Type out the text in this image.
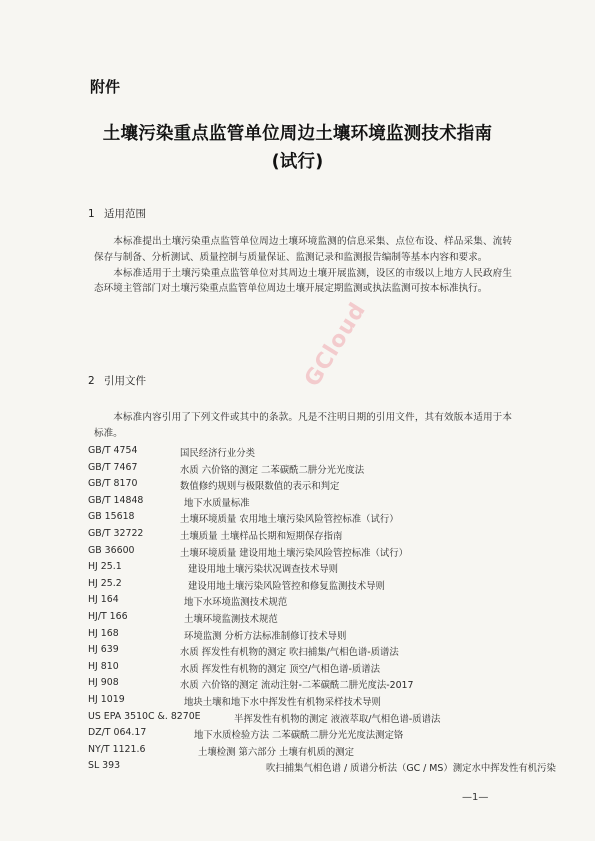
附件
土壤污染重点监管单位周边土壤环境监测技术指南
(试行)
1 适用范围

本标准提出土壤污染重点监管单位周边土壤环境监测的信息采集、点位布设、样品采集、流转保存与制备、分析测试、质量控制与质量保证、监测记录和监测报告编制等基本内容和要求。

本标准适用于土壤污染重点监管单位对其周边土壤开展监测，设区的市级以上地方人民政府生态环境主管部门对土壤污染重点监管单位周边土壤开展定期监测或执法监测可按本标准执行。

2 引用文件

本标准内容引用了下列文件或其中的条款。凡是不注明日期的引用文件，其有效版本适用于本标准。

GB/T 4754	国民经济行业分类
GB/T 7467	水质 六价铬的测定 二苯碳酰二肼分光光度法
GB/T 8170	数值修约规则与极限数值的表示和判定
GB/T 14848	地下水质量标准
GB 15618	土壤环境质量 农用地土壤污染风险管控标准（试行）
GB/T 32722	土壤质量 土壤样品长期和短期保存指南
GB 36600	土壤环境质量 建设用地土壤污染风险管控标准（试行）
HJ 25.1	建设用地土壤污染状况调查技术导则
HJ 25.2	建设用地土壤污染风险管控和修复监测技术导则
HJ 164	地下水环境监测技术规范
HJ/T 166	土壤环境监测技术规范
HJ 168	环境监测 分析方法标准制修订技术导则
HJ 639	水质 挥发性有机物的测定 吹扫捕集/气相色谱-质谱法
HJ 810	水质 挥发性有机物的测定 顶空/气相色谱-质谱法
HJ 908	水质 六价铬的测定 流动注射-二苯碳酰二肼光度法-2017
HJ 1019	地块土壤和地下水中挥发性有机物采样技术导则
US EPA 3510C &. 8270E	半挥发性有机物的测定 液液萃取/气相色谱-质谱法
DZ/T 064.17	地下水质检验方法 二苯碳酰二肼分光光度法测定铬
NY/T 1121.6	土壤检测 第六部分 土壤有机质的测定
SL 393	吹扫捕集气相色谱 / 质谱分析法（GC / MS）测定水中挥发性有机污染
GCloud
—1—
